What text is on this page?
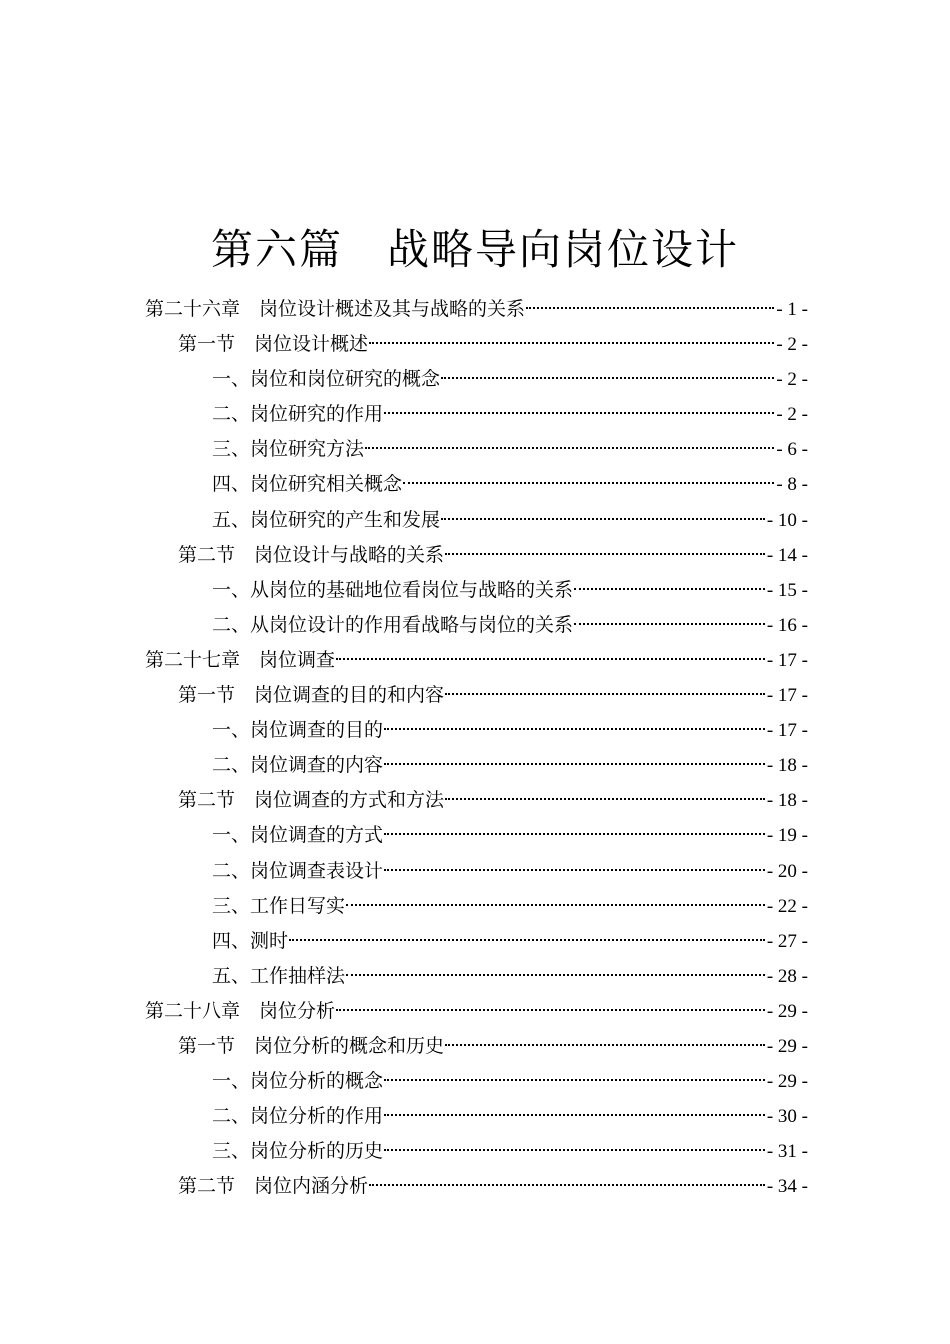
第六篇　战略导向岗位设计
第二十六章　岗位设计概述及其与战略的关系	- 1 -
第一节　岗位设计概述	- 2 -
一、岗位和岗位研究的概念	- 2 -
二、岗位研究的作用	- 2 -
三、岗位研究方法	- 6 -
四、岗位研究相关概念	- 8 -
五、岗位研究的产生和发展	- 10 -
第二节　岗位设计与战略的关系	- 14 -
一、从岗位的基础地位看岗位与战略的关系	- 15 -
二、从岗位设计的作用看战略与岗位的关系	- 16 -
第二十七章　岗位调查	- 17 -
第一节　岗位调查的目的和内容	- 17 -
一、岗位调查的目的	- 17 -
二、岗位调查的内容	- 18 -
第二节　岗位调查的方式和方法	- 18 -
一、岗位调查的方式	- 19 -
二、岗位调查表设计	- 20 -
三、工作日写实	- 22 -
四、测时	- 27 -
五、工作抽样法	- 28 -
第二十八章　岗位分析	- 29 -
第一节　岗位分析的概念和历史	- 29 -
一、岗位分析的概念	- 29 -
二、岗位分析的作用	- 30 -
三、岗位分析的历史	- 31 -
第二节　岗位内涵分析	- 34 -
